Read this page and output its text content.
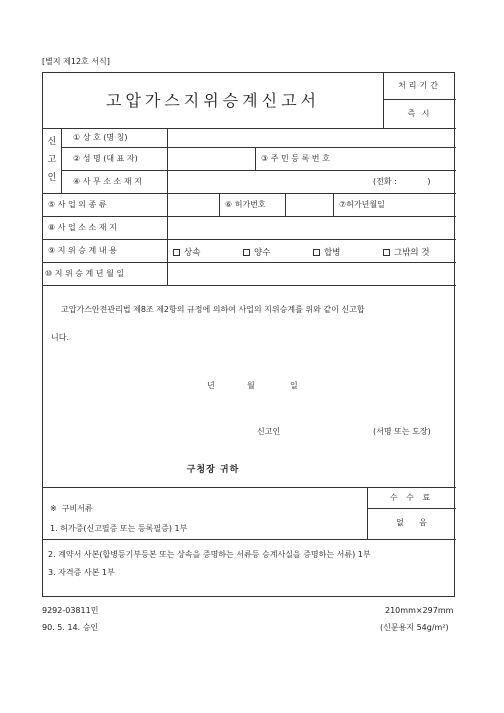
[별지 제12호 서식]
고압가스지위승계신고서
처리기간
즉 시
신
고
인
① 상 호 (명 칭)
② 성 명 (대 표 자)	③ 주 민 등 록 번 호
④ 사 무 소 소 재 지	(전화 :            )
⑤ 사 업 의 종 류	⑥ 허가번호	⑦허가년월일
⑧ 사 업 소 소 재 지
⑨ 지 위 승 계 내 용	상속	양수	합병	그밖의 것
⑩ 지 위 승 계 년 월 일
고압가스안전관리법 제8조 제2항의 규정에 의하여 사업의 지위승계를 위와 같이 신고합
니다.
년	월	일
신고인	(서명 또는 도장)
구청장 귀하
※  구비서류
1. 허가증(신고필증 또는 등록필증) 1부
2. 계약서 사본(합병등기부등본 또는 상속을 증명하는 서류등 승계사실을 증명하는 서류) 1부
3. 자격증 사본 1부
수 수 료
없      음
9292-03811민	210mm×297mm
90. 5. 14. 승인	(신문용지 54g/m²)
